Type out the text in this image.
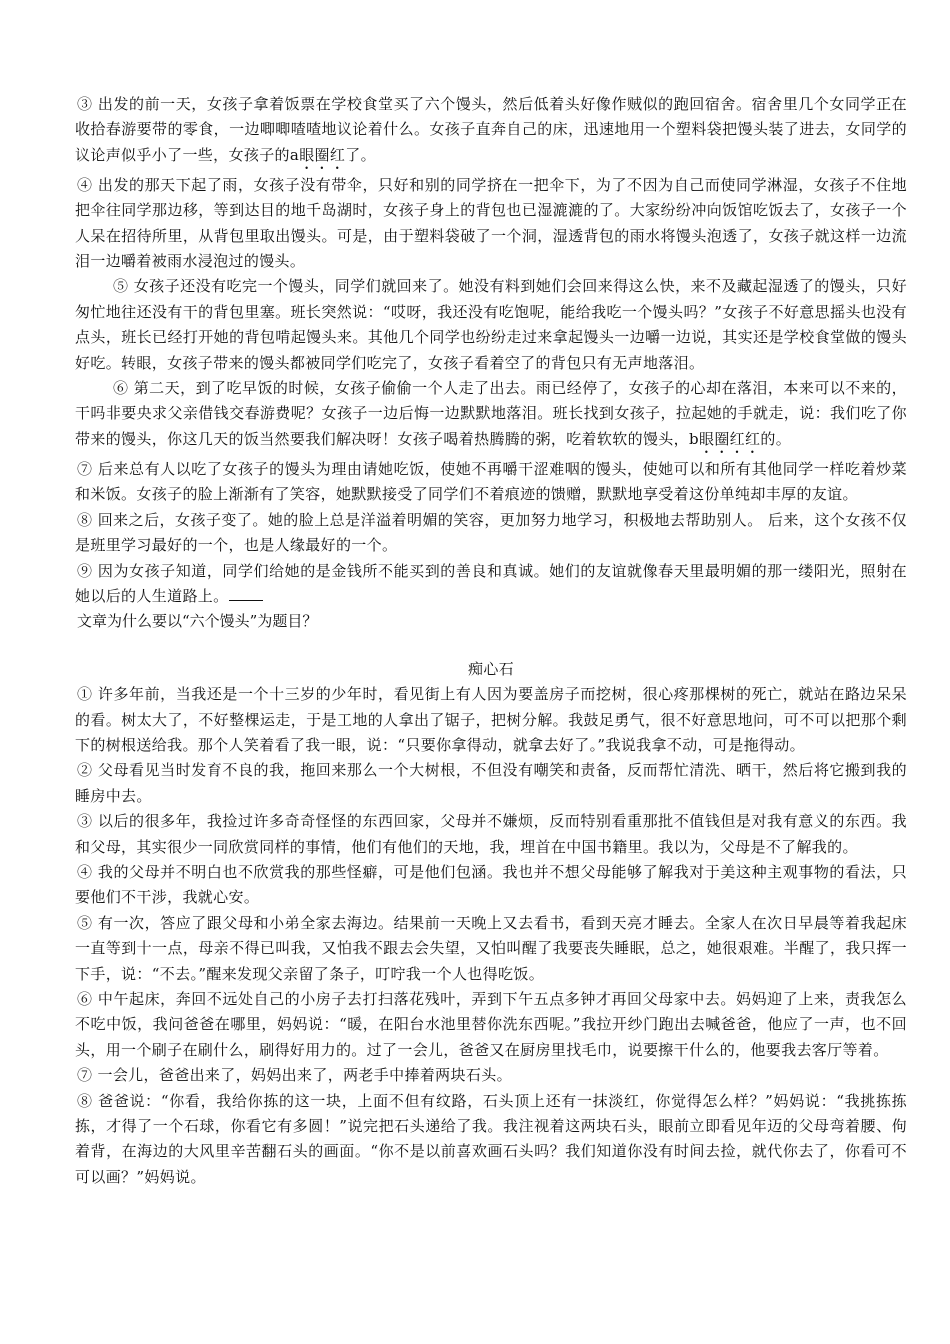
③ 出发的前一天，女孩子拿着饭票在学校食堂买了六个馒头，然后低着头好像作贼似的跑回宿舍。宿舍里几个女同学正在收拾春游要带的零食，一边唧唧喳喳地议论着什么。女孩子直奔自己的床，迅速地用一个塑料袋把馒头装了进去，女同学的议论声似乎小了一些，女孩子的a眼圈红了。

④ 出发的那天下起了雨，女孩子没有带伞，只好和别的同学挤在一把伞下，为了不因为自己而使同学淋湿，女孩子不住地把伞往同学那边移，等到达目的地千岛湖时，女孩子身上的背包也已湿漉漉的了。大家纷纷冲向饭馆吃饭去了，女孩子一个人呆在招待所里，从背包里取出馒头。可是，由于塑料袋破了一个洞，湿透背包的雨水将馒头泡透了，女孩子就这样一边流泪一边嚼着被雨水浸泡过的馒头。

⑤ 女孩子还没有吃完一个馒头，同学们就回来了。她没有料到她们会回来得这么快，来不及藏起湿透了的馒头，只好匆忙地往还没有干的背包里塞。班长突然说：“哎呀，我还没有吃饱呢，能给我吃一个馒头吗？”女孩子不好意思摇头也没有点头，班长已经打开她的背包啃起馒头来。其他几个同学也纷纷走过来拿起馒头一边嚼一边说，其实还是学校食堂做的馒头好吃。转眼，女孩子带来的馒头都被同学们吃完了，女孩子看着空了的背包只有无声地落泪。

⑥ 第二天，到了吃早饭的时候，女孩子偷偷一个人走了出去。雨已经停了，女孩子的心却在落泪，本来可以不来的，干吗非要央求父亲借钱交春游费呢？女孩子一边后悔一边默默地落泪。班长找到女孩子，拉起她的手就走，说：我们吃了你带来的馒头，你这几天的饭当然要我们解决呀！女孩子喝着热腾腾的粥，吃着软软的馒头，b眼圈红红的。

⑦ 后来总有人以吃了女孩子的馒头为理由请她吃饭，使她不再嚼干涩难咽的馒头，使她可以和所有其他同学一样吃着炒菜和米饭。女孩子的脸上渐渐有了笑容，她默默接受了同学们不着痕迹的馈赠，默默地享受着这份单纯却丰厚的友谊。

⑧ 回来之后，女孩子变了。她的脸上总是洋溢着明媚的笑容，更加努力地学习，积极地去帮助别人。 后来，这个女孩不仅是班里学习最好的一个，也是人缘最好的一个。

⑨ 因为女孩子知道，同学们给她的是金钱所不能买到的善良和真诚。她们的友谊就像春天里最明媚的那一缕阳光，照射在她以后的人生道路上。

文章为什么要以“六个馒头”为题目？

痴心石

① 许多年前，当我还是一个十三岁的少年时，看见街上有人因为要盖房子而挖树，很心疼那棵树的死亡，就站在路边呆呆的看。树太大了，不好整棵运走，于是工地的人拿出了锯子，把树分解。我鼓足勇气，很不好意思地问，可不可以把那个剩下的树根送给我。那个人笑着看了我一眼，说：“只要你拿得动，就拿去好了。”我说我拿不动，可是拖得动。

② 父母看见当时发育不良的我，拖回来那么一个大树根，不但没有嘲笑和责备，反而帮忙清洗、晒干，然后将它搬到我的睡房中去。

③ 以后的很多年，我捡过许多奇奇怪怪的东西回家，父母并不嫌烦，反而特别看重那批不值钱但是对我有意义的东西。我和父母，其实很少一同欣赏同样的事情，他们有他们的天地，我，埋首在中国书籍里。我以为，父母是不了解我的。

④ 我的父母并不明白也不欣赏我的那些怪癖，可是他们包涵。我也并不想父母能够了解我对于美这种主观事物的看法，只要他们不干涉，我就心安。

⑤ 有一次，答应了跟父母和小弟全家去海边。结果前一天晚上又去看书，看到天亮才睡去。全家人在次日早晨等着我起床一直等到十一点，母亲不得已叫我，又怕我不跟去会失望，又怕叫醒了我要丧失睡眠，总之，她很艰难。半醒了，我只挥一下手，说：“不去。”醒来发现父亲留了条子，叮咛我一个人也得吃饭。

⑥ 中午起床，奔回不远处自己的小房子去打扫落花残叶，弄到下午五点多钟才再回父母家中去。妈妈迎了上来，责我怎么不吃中饭，我问爸爸在哪里，妈妈说：“暖，在阳台水池里替你洗东西呢。”我拉开纱门跑出去喊爸爸，他应了一声，也不回头，用一个刷子在刷什么，刷得好用力的。过了一会儿，爸爸又在厨房里找毛巾，说要擦干什么的，他要我去客厅等着。

⑦ 一会儿，爸爸出来了，妈妈出来了，两老手中捧着两块石头。

⑧ 爸爸说：“你看，我给你拣的这一块，上面不但有纹路，石头顶上还有一抹淡红，你觉得怎么样？”妈妈说：“我挑拣拣拣，才得了一个石球，你看它有多圆！”说完把石头递给了我。我注视着这两块石头，眼前立即看见年迈的父母弯着腰、佝着背，在海边的大风里辛苦翻石头的画面。“你不是以前喜欢画石头吗？我们知道你没有时间去捡，就代你去了，你看可不可以画？”妈妈说。
